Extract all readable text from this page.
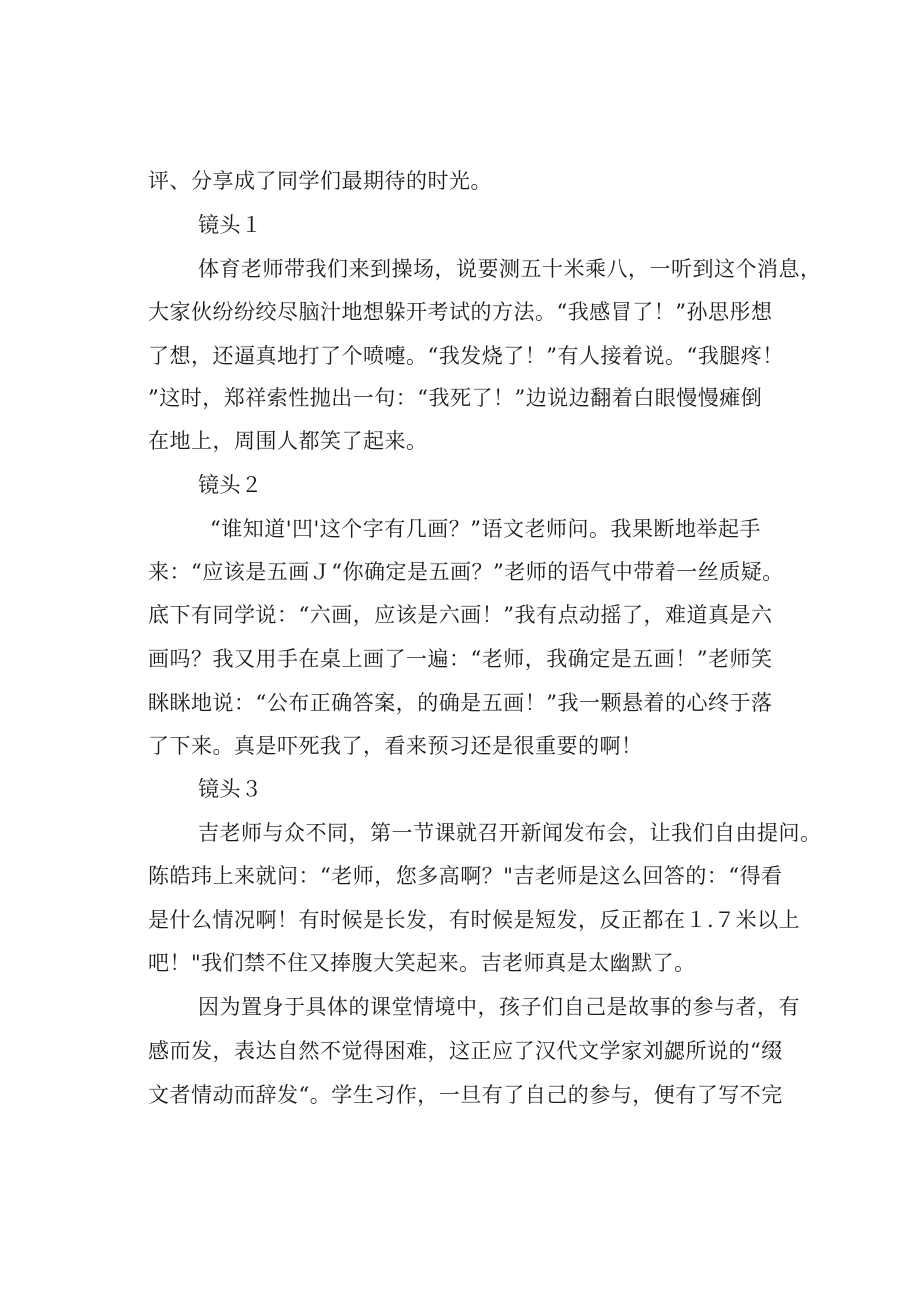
评、分享成了同学们最期待的时光。
镜头１
体育老师带我们来到操场，说要测五十米乘八，一听到这个消息，
大家伙纷纷绞尽脑汁地想躲开考试的方法。“我感冒了！”孙思彤想
了想，还逼真地打了个喷嚏。“我发烧了！”有人接着说。“我腿疼！
”这时，郑祥索性抛出一句：“我死了！”边说边翻着白眼慢慢瘫倒
在地上，周围人都笑了起来。
镜头２
“谁知道'凹'这个字有几画？”语文老师问。我果断地举起手
来：“应该是五画Ｊ“你确定是五画？”老师的语气中带着一丝质疑。
底下有同学说：“六画，应该是六画！”我有点动摇了，难道真是六
画吗？我又用手在桌上画了一遍：“老师，我确定是五画！”老师笑
眯眯地说：“公布正确答案，的确是五画！”我一颗悬着的心终于落
了下来。真是吓死我了，看来预习还是很重要的啊！
镜头３
吉老师与众不同，第一节课就召开新闻发布会，让我们自由提问。
陈皓玮上来就问：“老师，您多高啊？"吉老师是这么回答的：“得看
是什么情况啊！有时候是长发，有时候是短发，反正都在１.７米以上
吧！"我们禁不住又捧腹大笑起来。吉老师真是太幽默了。
因为置身于具体的课堂情境中，孩子们自己是故事的参与者，有
感而发，表达自然不觉得困难，这正应了汉代文学家刘勰所说的“缀
文者情动而辞发“。学生习作，一旦有了自己的参与，便有了写不完
